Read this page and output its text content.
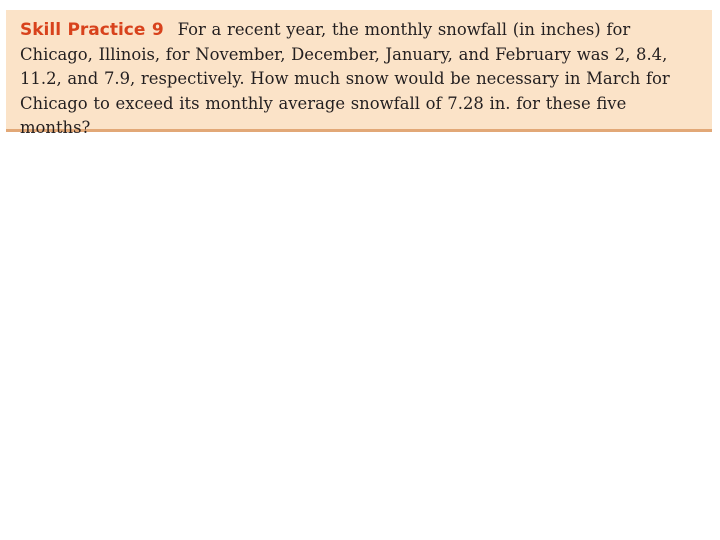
Skill Practice 9 For a recent year, the monthly snowfall (in inches) for Chicago, Illinois, for November, December, January, and February was 2, 8.4, 11.2, and 7.9, respectively. How much snow would be necessary in March for Chicago to exceed its monthly average snowfall of 7.28 in. for these five months?
